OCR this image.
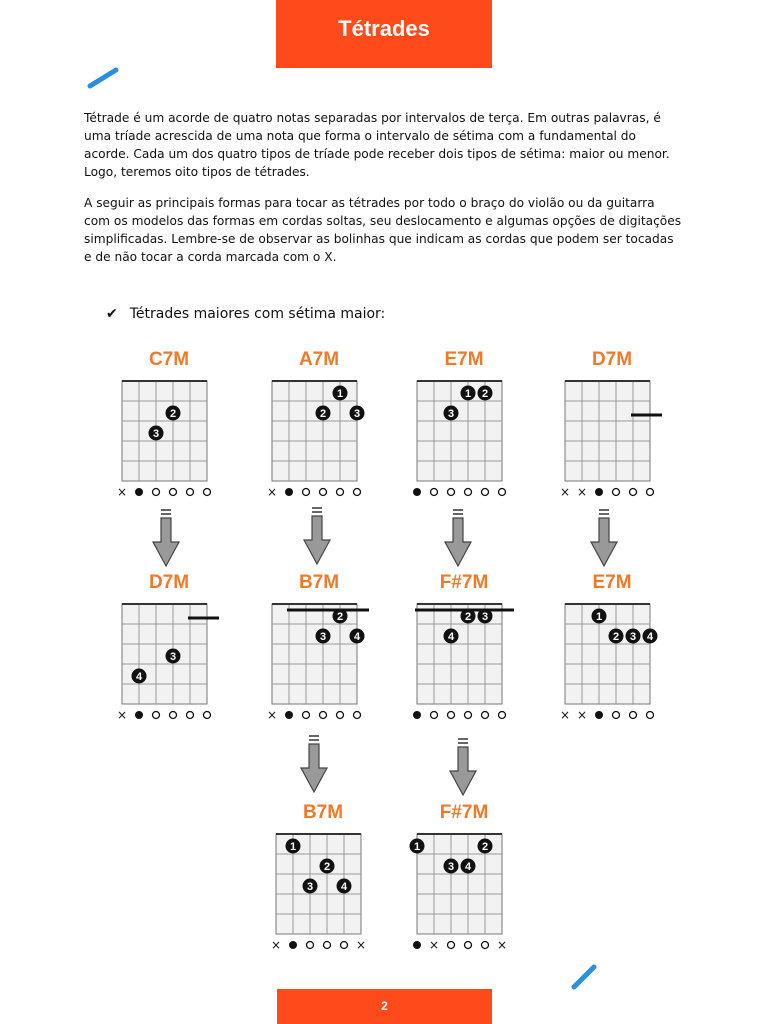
Tétrades

Tétrade é um acorde de quatro notas separadas por intervalos de terça. Em outras palavras, é uma tríade acrescida de uma nota que forma o intervalo de sétima com a fundamental do acorde. Cada um dos quatro tipos de tríade pode receber dois tipos de sétima: maior ou menor. Logo, teremos oito tipos de tétrades.

A seguir as principais formas para tocar as tétrades por todo o braço do violão ou da guitarra com os modelos das formas em cordas soltas, seu deslocamento e algumas opções de digitações simplificadas. Lembre-se de observar as bolinhas que indicam as cordas que podem ser tocadas e de não tocar a corda marcada com o X.

✔ Tétrades maiores com sétima maior:
C7M
2
3
×
A7M
1
2	3
×
E7M
1 2
3
D7M
× ×
D7M
3
4
×
B7M
2
3	4
×
F#7M
2 3
4
E7M
1
2 3 4
× ×
B7M
1
2
3	4
×	×
F#7M
1	2
3 4
×	×
2
